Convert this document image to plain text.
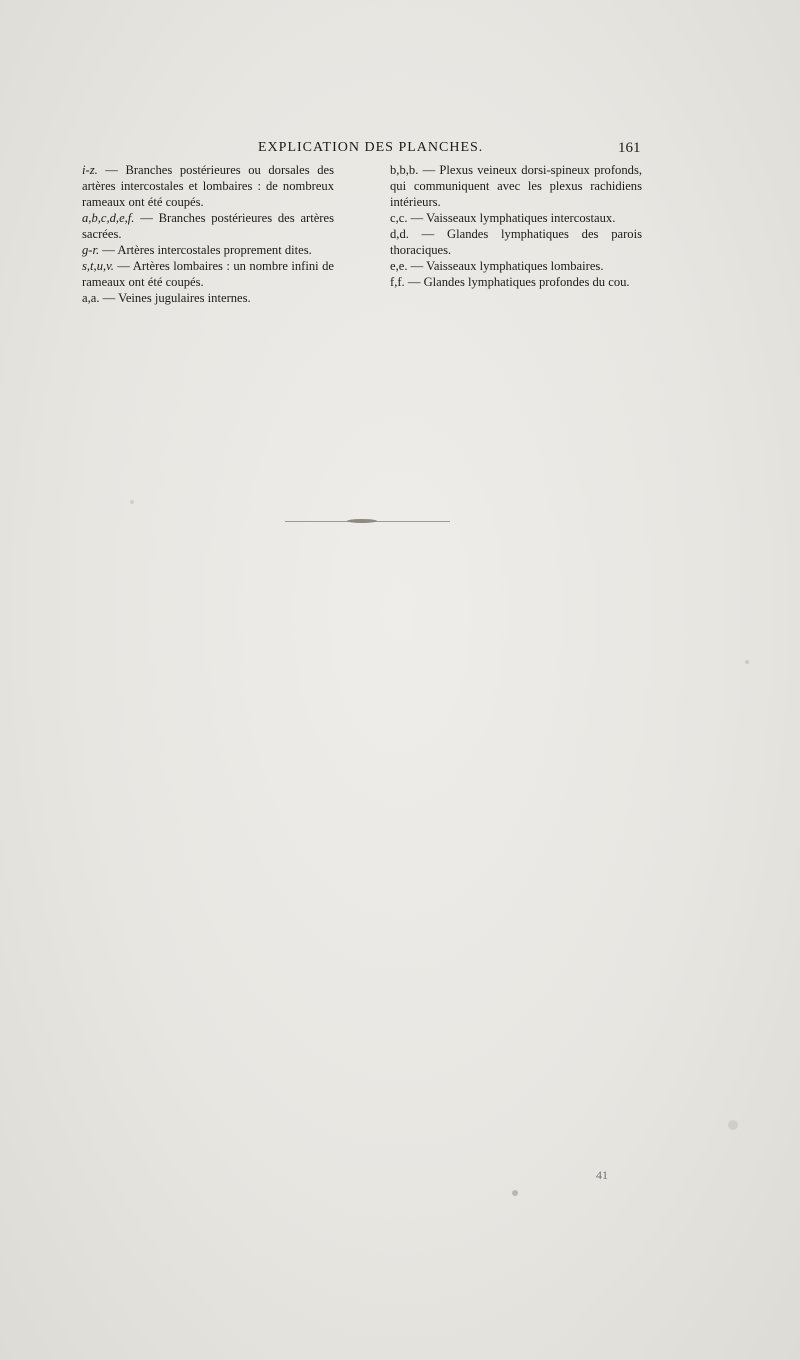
EXPLICATION DES PLANCHES.	161
i-z. — Branches postérieures ou dorsales des artères intercostales et lombaires : de nombreux rameaux ont été coupés.
a,b,c,d,e,f. — Branches postérieures des artères sacrées.
g-r. — Artères intercostales proprement dites.
s,t,u,v. — Artères lombaires : un nombre infini de rameaux ont été coupés.
a,a. — Veines jugulaires internes.
b,b,b. — Plexus veineux dorsi-spineux profonds, qui communiquent avec les plexus rachidiens intérieurs.
c,c. — Vaisseaux lymphatiques intercostaux.
d,d. — Glandes lymphatiques des parois thoraciques.
e,e. — Vaisseaux lymphatiques lombaires.
f,f. — Glandes lymphatiques profondes du cou.
41
